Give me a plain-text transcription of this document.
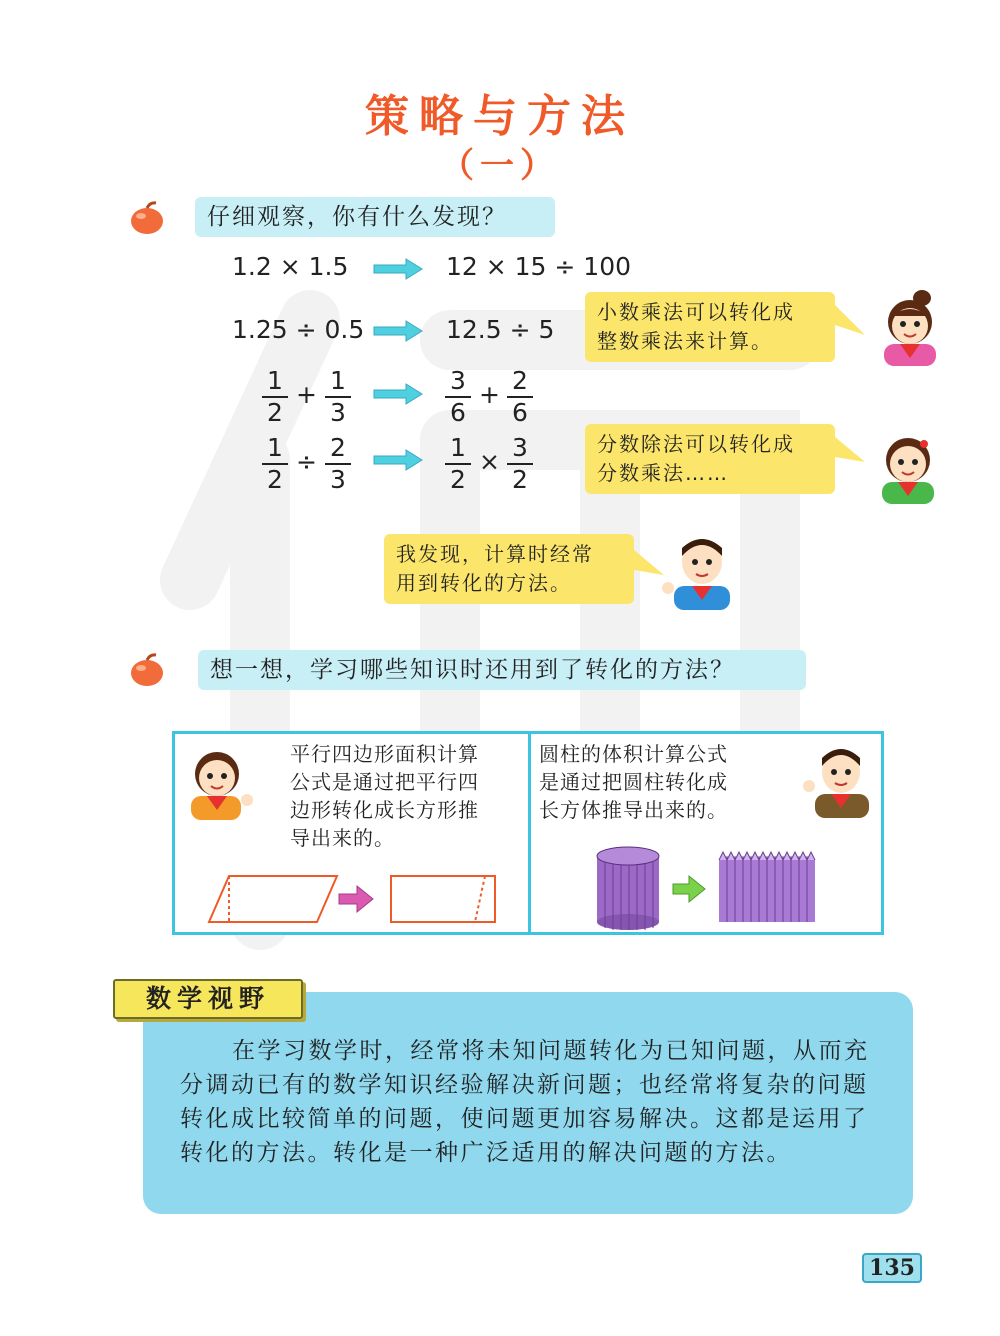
策略与方法
（一）
仔细观察，你有什么发现？
1.2 × 1.5	12 × 15 ÷ 100
1.25 ÷ 0.5	12.5 ÷ 5
1
2
+ 1
3
3
6
+ 2
6
1
2
÷ 2
3
1
2
× 3
2
小数乘法可以转化成
整数乘法来计算。
分数除法可以转化成
分数乘法……
我发现，计算时经常
用到转化的方法。
想一想，学习哪些知识时还用到了转化的方法？
平行四边形面积计算
公式是通过把平行四
边形转化成长方形推
导出来的。
圆柱的体积计算公式
是通过把圆柱转化成
长方体推导出来的。
数学视野
在学习数学时，经常将未知问题转化为已知问题，从而充分调动已有的数学知识经验解决新问题；也经常将复杂的问题转化成比较简单的问题，使问题更加容易解决。这都是运用了转化的方法。转化是一种广泛适用的解决问题的方法。
135
